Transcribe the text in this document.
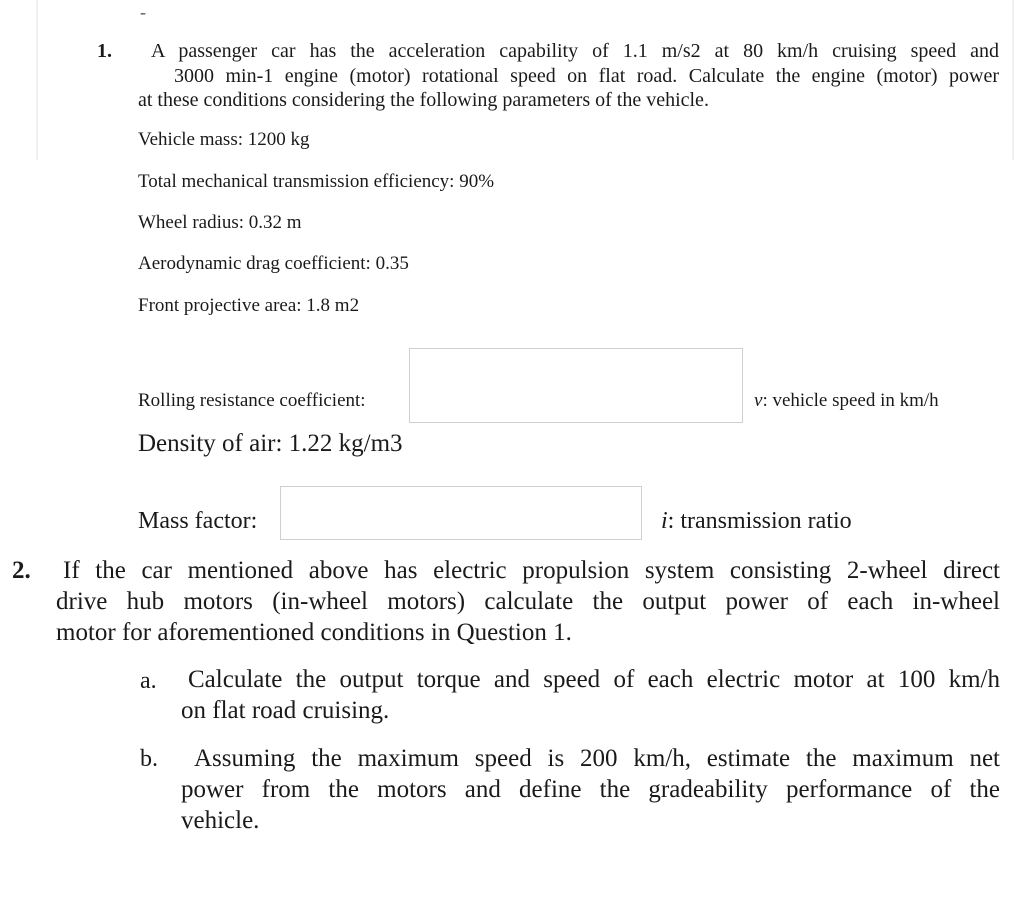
-
1. A passenger car has the acceleration capability of 1.1 m/s2 at 80 km/h cruising speed and
3000 min-1 engine (motor) rotational speed on flat road. Calculate the engine (motor) power
at these conditions considering the following parameters of the vehicle.
Vehicle mass: 1200 kg
Total mechanical transmission efficiency: 90%
Wheel radius: 0.32 m
Aerodynamic drag coefficient: 0.35
Front projective area: 1.8 m2
Rolling resistance coefficient:	v: vehicle speed in km/h
Density of air: 1.22 kg/m3
Mass factor:	i: transmission ratio
2. If the car mentioned above has electric propulsion system consisting 2-wheel direct
drive hub motors (in-wheel motors) calculate the output power of each in-wheel
motor for aforementioned conditions in Question 1.
a. Calculate the output torque and speed of each electric motor at 100 km/h
on flat road cruising.
b. Assuming the maximum speed is 200 km/h, estimate the maximum net
power from the motors and define the gradeability performance of the
vehicle.
